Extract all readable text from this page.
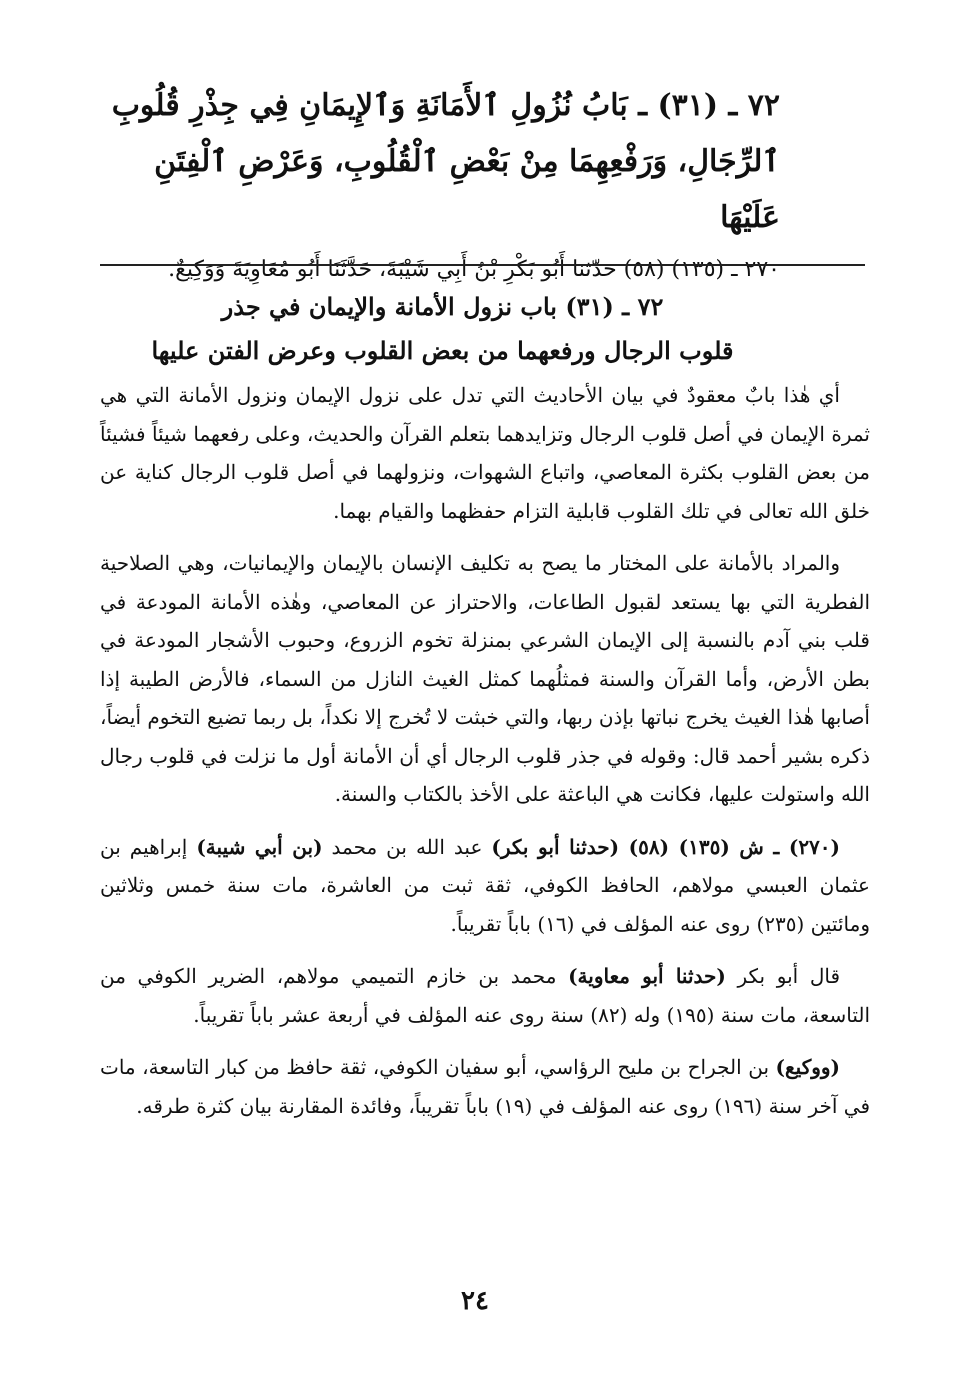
٧٢ ـ (٣١) ـ بَابُ نُزُولِ ٱلأَمَانَةِ وَٱلإِيمَانِ فِي جِذْرِ قُلُوبِ ٱلرِّجَالِ، وَرَفْعِهِمَا مِنْ بَعْضِ ٱلْقُلُوبِ، وَعَرْضِ ٱلْفِتَنِ عَلَيْهَا

٢٧٠ ـ (١٣٥) (٥٨) حدّثنا أَبُو بَكْرِ بْنُ أَبِي شَيْبَةَ، حَدَّثَنَا أَبُو مُعَاوِيَةَ وَوَكِيعٌ.

٧٢ ـ (٣١) باب نزول الأمانة والإيمان في جذر
قلوب الرجال ورفعهما من بعض القلوب وعرض الفتن عليها

أي هٰذا بابٌ معقودٌ في بيان الأحاديث التي تدل على نزول الإيمان ونزول الأمانة التي هي ثمرة الإيمان في أصل قلوب الرجال وتزايدهما بتعلم القرآن والحديث، وعلى رفعهما شيئاً فشيئاً من بعض القلوب بكثرة المعاصي، واتباع الشهوات، ونزولهما في أصل قلوب الرجال كناية عن خلق الله تعالى في تلك القلوب قابلية التزام حفظهما والقيام بهما.

والمراد بالأمانة على المختار ما يصح به تكليف الإنسان بالإيمان والإيمانيات، وهي الصلاحية الفطرية التي بها يستعد لقبول الطاعات، والاحتراز عن المعاصي، وهٰذه الأمانة المودعة في قلب بني آدم بالنسبة إلى الإيمان الشرعي بمنزلة تخوم الزروع، وحبوب الأشجار المودعة في بطن الأرض، وأما القرآن والسنة فمثلُهما كمثل الغيث النازل من السماء، فالأرض الطيبة إذا أصابها هٰذا الغيث يخرج نباتها بإذن ربها، والتي خبثت لا تُخرج إلا نكداً، بل ربما تضيع التخوم أيضاً، ذكره بشير أحمد قال: وقوله في جذر قلوب الرجال أي أن الأمانة أول ما نزلت في قلوب رجال الله واستولت عليها، فكانت هي الباعثة على الأخذ بالكتاب والسنة.

(٢٧٠) ـ ش (١٣٥) (٥٨) (حدثنا أبو بكر) عبد الله بن محمد (بن أبي شيبة) إبراهيم بن عثمان العبسي مولاهم، الحافظ الكوفي، ثقة ثبت من العاشرة، مات سنة خمس وثلاثين ومائتين (٢٣٥) روى عنه المؤلف في (١٦) باباً تقريباً.

قال أبو بكر (حدثنا أبو معاوية) محمد بن خازم التميمي مولاهم، الضرير الكوفي من التاسعة، مات سنة (١٩٥) وله (٨٢) سنة روى عنه المؤلف في أربعة عشر باباً تقريباً.

(ووكيع) بن الجراح بن مليح الرؤاسي، أبو سفيان الكوفي، ثقة حافظ من كبار التاسعة، مات في آخر سنة (١٩٦) روى عنه المؤلف في (١٩) باباً تقريباً، وفائدة المقارنة بيان كثرة طرقه.

٢٤
